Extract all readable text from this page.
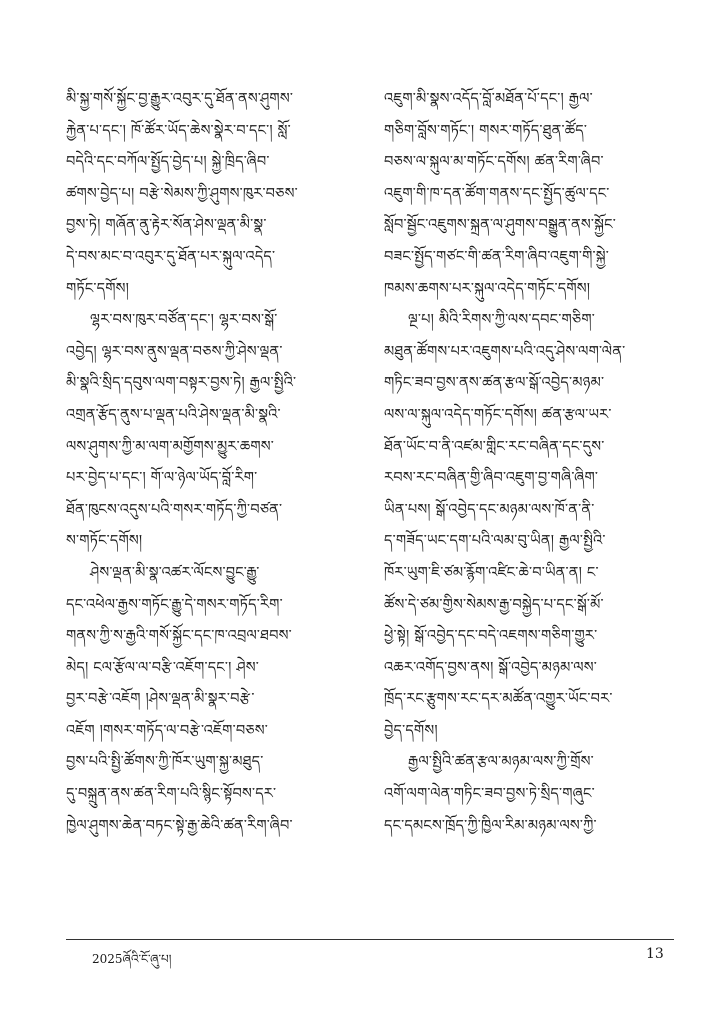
མི་སྐྱ་གསོ་སྐྱོང་བྱ་རྒྱུར་འབུར་དུ་ཐོན་ནས་ཤུགས་
རྐྱེན་པ་དང་། ཁོ་ཚོར་ཡོད་ཆེས་སྣེར་བ་དང་། སློ་
བདེའི་དང་བཀོལ་སྤྱོད་བྱེད་པ། སྐྱེ་ཁྲིད་ཞིབ་
ཚགས་བྱེད་པ། བརྩེ་སེམས་ཀྱི་ཤུགས་ཁུར་བཅས་
བྱས་ཏེ། གཞོན་ནུ་རྟེར་སོན་ཤེས་ལྡན་མི་སྣ་
དེ་བས་མང་བ་འབུར་དུ་ཐོན་པར་སྐུལ་འདེད་
གཏོང་དགོས།
ལྷར་བས་ཁུར་བཙོན་དང་། ལྷར་བས་སྒོ་
འབྱེད། ལྷར་བས་ནུས་ལྡན་བཅས་ཀྱི་ཤེས་ལྡན་
མི་སྣའི་སྲིད་དབུས་ལག་བསྟར་བྱས་ཏེ། རྒྱལ་སྤྱིའི་
འགྲན་རྩོད་ནུས་པ་ལྡན་པའི་ཤེས་ལྡན་མི་སྣའི་
ལས་ཤུགས་ཀྱི་མ་ལག་མགྱོགས་མྱུར་ཆགས་
པར་བྱེད་པ་དང་། གོ་ལ་ཉེལ་ཡོད་བློ་རིག་
ཐོན་ཁུངས་འདུས་པའི་གསར་གཏོད་ཀྱི་བཙན་
ས་གཏོང་དགོས།
ཤེས་ལྡན་མི་སྣ་འཚར་ལོངས་བྱུང་རྒྱུ་
དང་འཕེལ་རྒྱས་གཏོང་རྒྱུ་དེ་གསར་གཏོད་རིག་
གནས་ཀྱི་ས་རྒྱའི་གསོ་སྐྱོང་དང་ཁ་འབྲལ་ཐབས་
མེད། ངལ་རྩོལ་ལ་བརྩི་འཇོག་དང་། ཤེས་
བྱར་བརྩེ་འཇོག །ཤེས་ལྡན་མི་སྣར་བརྩེ་
འཇོག །གསར་གཏོད་ལ་བརྩེ་འཇོག་བཅས་
བྱས་པའི་སྤྱི་ཚོགས་ཀྱི་ཁོར་ཡུག་སྐྱ་མཐུད་
དུ་བསྐྲུན་ནས་ཚན་རིག་པའི་སྙིང་སྟོབས་དར་
ཁྱེལ་ཤུགས་ཆེན་བཏང་སྟེ་རྒྱ་ཆེའི་ཚན་རིག་ཞིབ་
འཇུག་མི་སྣས་འདོད་བློ་མཐོན་པོ་དང་། རྒྱལ་
གཅིག་བློས་གཏོང་། གསར་གཏོད་ཐུན་ཚོད་
བཅས་ལ་སྐུལ་མ་གཏོང་དགོས། ཚན་རིག་ཞིབ་
འཇུག་གི་ཁ་དན་ཚོག་གནས་དང་སྤྱོད་ཚུལ་དང་
སློབ་སྦྱོང་འཇུགས་སྐྲན་ལ་ཤུགས་བསྒྱུན་ནས་སྐྱོང་
བཟང་སྤྱོད་གཙང་གི་ཚན་རིག་ཞིབ་འཇུག་གི་སྐྱེ་
ཁམས་ཆགས་པར་སྐུལ་འདེད་གཏོང་དགོས།
ལྔ་པ། མིའི་རིགས་ཀྱི་ལས་དབང་གཅིག་
མཐུན་ཚོགས་པར་འཇུགས་པའི་འདུ་ཤེས་ལག་ལེན་
གཏིང་ཟབ་བྱས་ནས་ཚན་རྩལ་སྒོ་འབྱེད་མཉམ་
ལས་ལ་སྐུལ་འདེད་གཏོང་དགོས། ཚན་རྩལ་ཡར་
ཐོན་ཡོང་བ་ནི་འཛམ་གླིང་རང་བཞིན་དང་དུས་
རབས་རང་བཞིན་གྱི་ཞིབ་འཇུག་བྱ་གཞི་ཞིག་
ཡིན་པས། སྒོ་འབྱེད་དང་མཉམ་ལས་ཁོ་ན་ནི་
ད་གཟོད་ཡང་དག་པའི་ལམ་བུ་ཡིན། རྒྱལ་སྤྱིའི་
ཁོར་ཡུག་ཇི་ཙམ་རྙོག་འཛིང་ཆེ་བ་ཡིན་ན། ང་
ཚོས་དེ་ཙམ་གྱིས་སེམས་རྒྱ་བསྐྱེད་པ་དང་སྒོ་མོ་
ཕྱེ་སྟེ། སྒོ་འབྱེད་དང་བདེ་འཇགས་གཅིག་གྱུར་
འཆར་འགོད་བྱས་ནས། སྒོ་འབྱེད་མཉམ་ལས་
ཁྲོད་རང་རྩུགས་རང་དར་མཚོན་འགྱུར་ཡོང་བར་
བྱེད་དགོས།
རྒྱལ་སྤྱིའི་ཚན་རྩལ་མཉམ་ལས་ཀྱི་གྲོས་
འགོ་ལག་ལེན་གཏིང་ཟབ་བྱས་ཏེ་སྲིད་གཞུང་
དང་དམངས་ཁྲོད་ཀྱི་ཁྱིལ་རིམ་མཉམ་ལས་ཀྱི་
2025ཞོའི་ངོ་ཞུ་པ།	13
